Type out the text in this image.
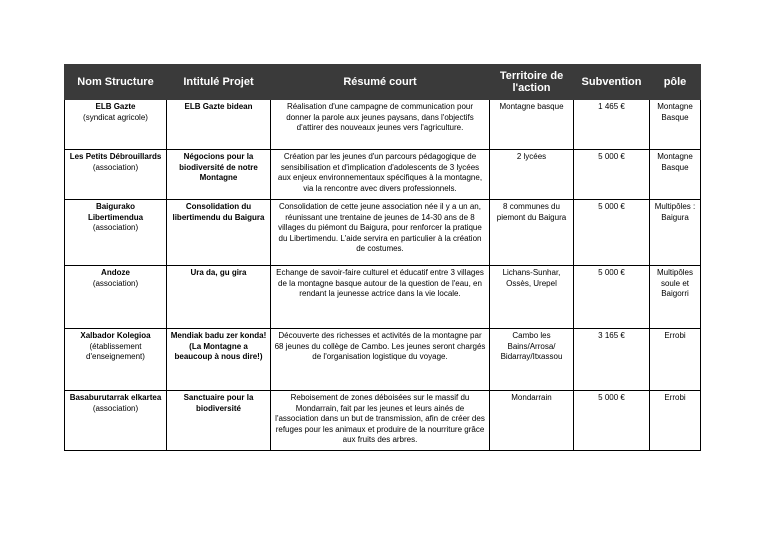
Nom Structure	Intitulé Projet	Résumé court	Territoire de l'action	Subvention	pôle

ELB Gazte
(syndicat agricole)	ELB Gazte bidean	Réalisation d'une campagne de communication pour donner la parole aux jeunes paysans, dans l'objectifs d'attirer des nouveaux jeunes vers l'agriculture.	Montagne basque	1 465 €	Montagne Basque

Les Petits Débrouillards
(association)	Négocions pour la biodiversité de notre Montagne	Création par les jeunes d'un parcours pédagogique de sensibilisation et d'implication d'adolescents de 3 lycées aux enjeux environnementaux spécifiques à la montagne, via la rencontre avec divers professionnels.	2 lycées	5 000 €	Montagne Basque

Baigurako Libertimendua
(association)	Consolidation du libertimendu du Baigura	Consolidation de cette jeune association née il y a un an, réunissant une trentaine de jeunes de 14-30 ans de 8 villages du piémont du Baigura, pour renforcer la pratique du Libertimendu. L'aide servira en particulier à la création de costumes.	8 communes du piemont du Baigura	5 000 €	Multipôles : Baigura

Andoze
(association)	Ura da, gu gira	Echange de savoir-faire culturel et éducatif entre 3 villages de la montagne basque autour de la question de l'eau, en rendant la jeunesse actrice dans la vie locale.	Lichans-Sunhar, Ossès, Urepel	5 000 €	Multipôles soule et Baigorri

Xalbador Kolegioa
(établissement d'enseignement)	Mendiak badu zer konda! (La Montagne a beaucoup à nous dire!)	Découverte des richesses et activités de la montagne par 68 jeunes du collège de Cambo. Les jeunes seront chargés de l'organisation logistique du voyage.	Cambo les Bains/Arrosa/ Bidarray/Itxassou	3 165 €	Errobi

Basaburutarrak elkartea
(association)	Sanctuaire pour la biodiversité	Reboisement de zones déboisées sur le massif du Mondarrain, fait par les jeunes et leurs ainés de l'association dans un but de transmission, afin de créer des refuges pour les animaux et produire de la nourriture grâce aux fruits des arbres.	Mondarrain	5 000 €	Errobi
